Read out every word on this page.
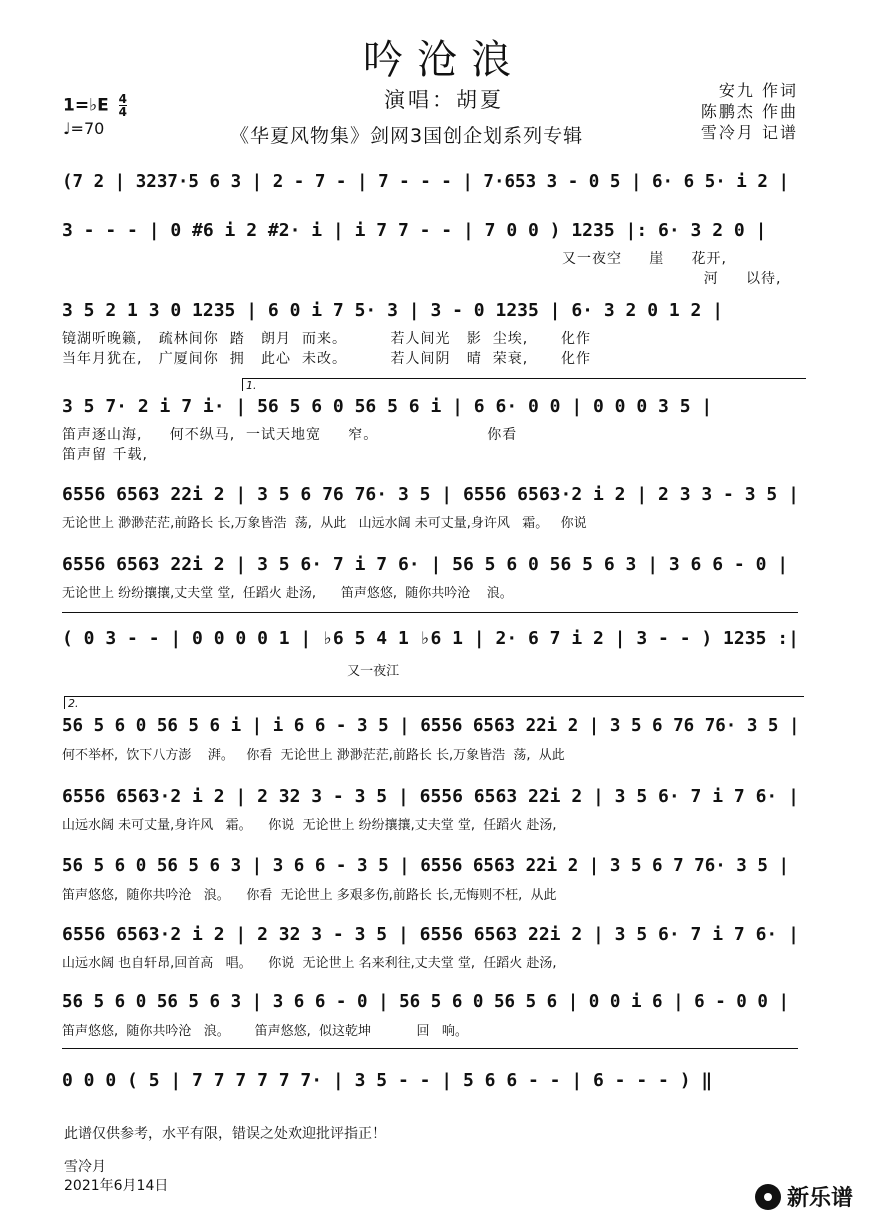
吟沧浪
演唱：胡夏
《华夏风物集》剑网3国创企划系列专辑
安九 作词
陈鹏杰 作曲
雪冷月 记谱
1=♭E $\frac{4}{4}$
♩=70
(7 2 | 3237·5 6 3 | 2 - 7 - | 7 - - - | 7·653 3 - 0 5 | 6· 6 5· i 2 |
3 - - - | 0 #6 i 2 #2· i | i 7 7 - - | 7 0 0 ) 1235 |: 6· 3 2 0 |
又一夜空     崖     花开,
河     以待,
3 5 2 1 3 0 1235 | 6 0 i 7 5· 3 | 3 - 0 1235 | 6· 3 2 0 1 2 |
镜湖听晚籁,   疏林间你  踏   朗月  而来。        若人间光   影  尘埃,      化作
当年月犹在,   广厦间你  拥   此心  未改。        若人间阴   晴  荣衰,      化作
1.
3 5 7· 2 i 7 i· | 56 5 6 0 56 5 6 i | 6 6· 0 0 | 0 0 0 3 5 |
笛声逐山海,     何不纵马,  一试天地宽     窄。                    你看
笛声留 千载,
6556 6563 22i 2 | 3 5 6 76 76· 3 5 | 6556 6563·2 i 2 | 2 3 3 - 3 5 |
无论世上 渺渺茫茫,前路长 长,万象皆浩  荡,  从此   山远水阔 未可丈量,身许风   霜。   你说
6556 6563 22i 2 | 3 5 6· 7 i 7 6· | 56 5 6 0 56 5 6 3 | 3 6 6 - 0 |
无论世上 纷纷攘攘,丈夫堂 堂,  任蹈火 赴汤,      笛声悠悠,  随你共吟沧    浪。
( 0 3 - - | 0 0 0 0 1 | ♭6 5 4 1 ♭6 1 | 2· 6 7 i 2 | 3 - - ) 1235 :|
又一夜江
2.
56 5 6 0 56 5 6 i | i 6 6 - 3 5 | 6556 6563 22i 2 | 3 5 6 76 76· 3 5 |
何不举杯,  饮下八方澎    湃。   你看  无论世上 渺渺茫茫,前路长 长,万象皆浩  荡,  从此
6556 6563·2 i 2 | 2 32 3 - 3 5 | 6556 6563 22i 2 | 3 5 6· 7 i 7 6· |
山远水阔 未可丈量,身许风   霜。    你说  无论世上 纷纷攘攘,丈夫堂 堂,  任蹈火 赴汤,
56 5 6 0 56 5 6 3 | 3 6 6 - 3 5 | 6556 6563 22i 2 | 3 5 6 7 76· 3 5 |
笛声悠悠,  随你共吟沧   浪。    你看  无论世上 多艰多伤,前路长 长,无悔则不枉,  从此
6556 6563·2 i 2 | 2 32 3 - 3 5 | 6556 6563 22i 2 | 3 5 6· 7 i 7 6· |
山远水阔 也自轩昂,回首高   唱。    你说  无论世上 名来利往,丈夫堂 堂,  任蹈火 赴汤,
56 5 6 0 56 5 6 3 | 3 6 6 - 0 | 56 5 6 0 56 5 6 | 0 0 i 6 | 6 - 0 0 |
笛声悠悠,  随你共吟沧   浪。      笛声悠悠,  似这乾坤           回   响。
0 0 0 ( 5 | 7 7 7 7 7 7· | 3 5 - - | 5 6 6 - - | 6 - - - ) ‖
此谱仅供参考，水平有限，错误之处欢迎批评指正！
雪冷月
2021年6月14日	新乐谱
